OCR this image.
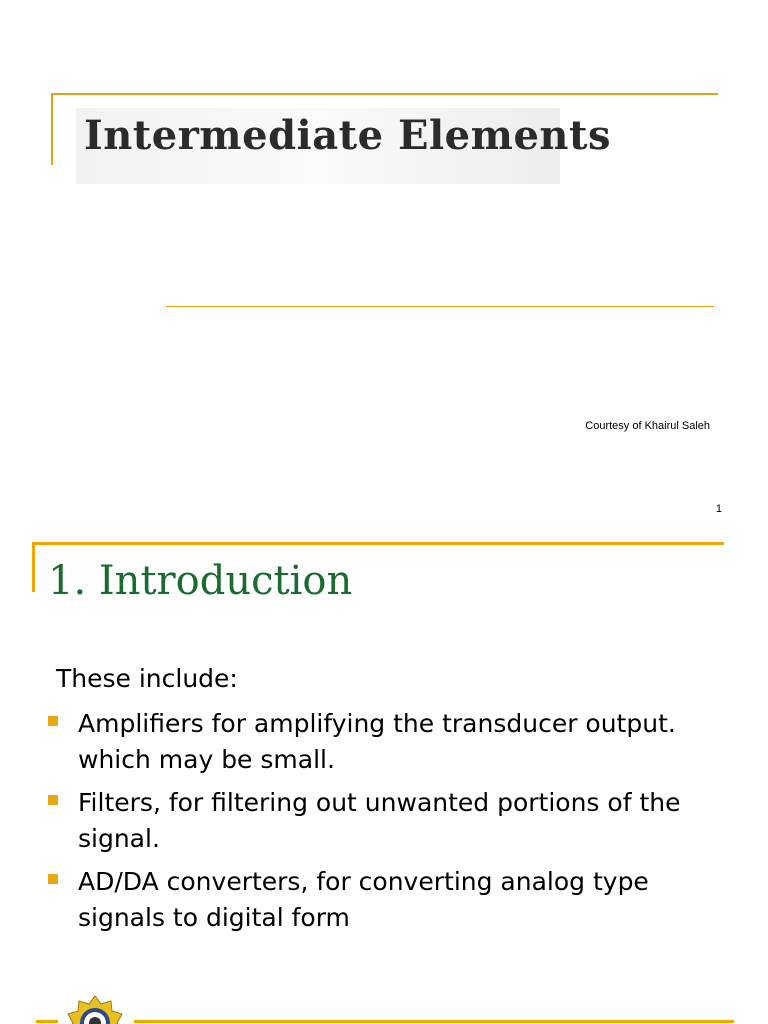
Intermediate Elements

Courtesy of Khairul Saleh

1

1. Introduction

These include:

Amplifiers for amplifying the transducer output. which may be small.
Filters, for filtering out unwanted portions of the signal.
AD/DA converters, for converting analog type signals to digital form
